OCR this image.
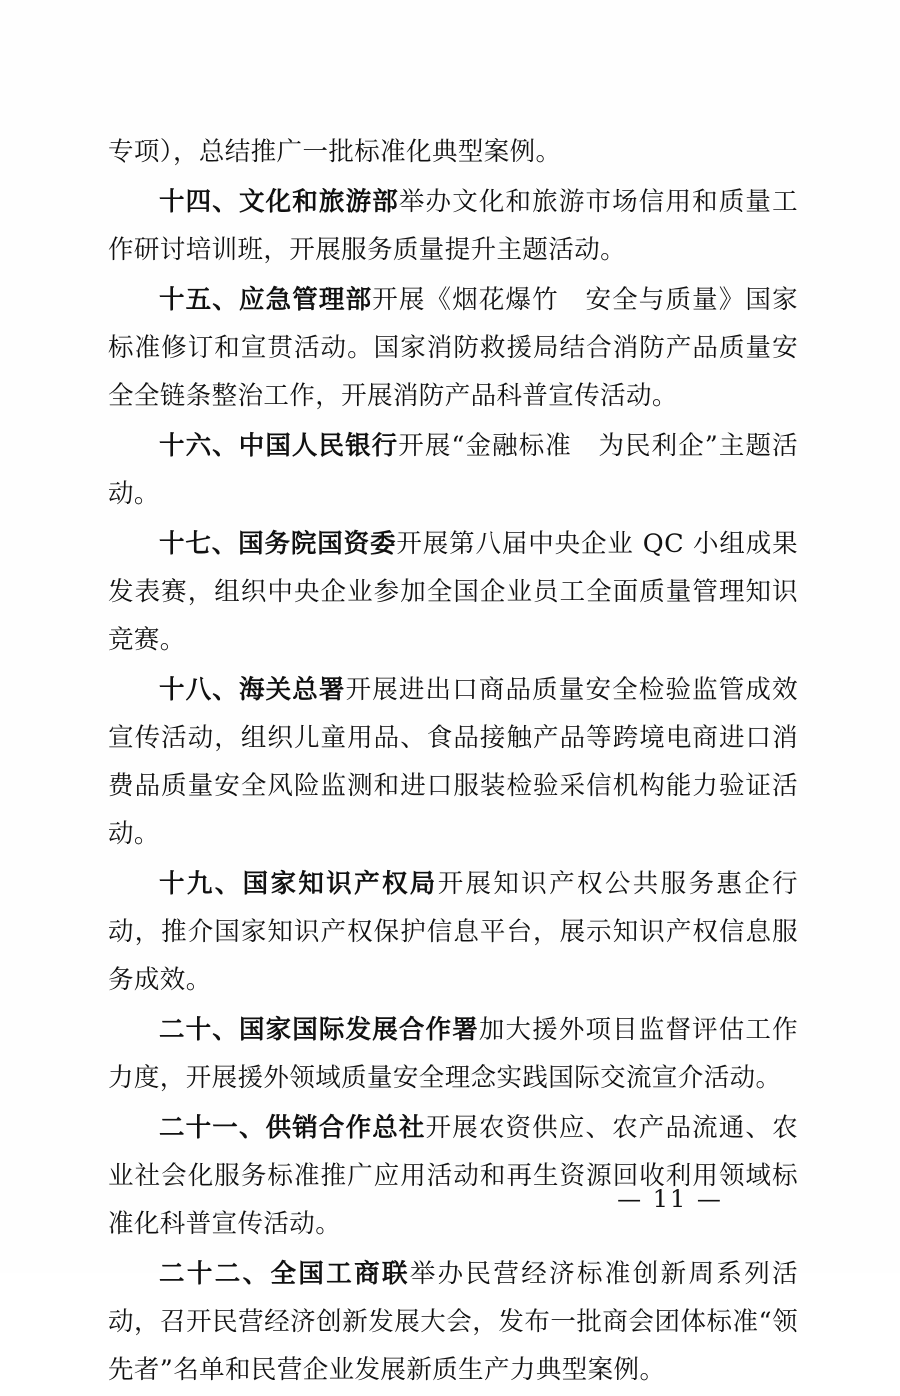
专项），总结推广一批标准化典型案例。

十四、文化和旅游部举办文化和旅游市场信用和质量工作研讨培训班，开展服务质量提升主题活动。

十五、应急管理部开展《烟花爆竹　安全与质量》国家标准修订和宣贯活动。国家消防救援局结合消防产品质量安全全链条整治工作，开展消防产品科普宣传活动。

十六、中国人民银行开展“金融标准　为民利企”主题活动。

十七、国务院国资委开展第八届中央企业 QC 小组成果发表赛，组织中央企业参加全国企业员工全面质量管理知识竞赛。

十八、海关总署开展进出口商品质量安全检验监管成效宣传活动，组织儿童用品、食品接触产品等跨境电商进口消费品质量安全风险监测和进口服装检验采信机构能力验证活动。

十九、国家知识产权局开展知识产权公共服务惠企行动，推介国家知识产权保护信息平台，展示知识产权信息服务成效。

二十、国家国际发展合作署加大援外项目监督评估工作力度，开展援外领域质量安全理念实践国际交流宣介活动。

二十一、供销合作总社开展农资供应、农产品流通、农业社会化服务标准推广应用活动和再生资源回收利用领域标准化科普宣传活动。

二十二、全国工商联举办民营经济标准创新周系列活动，召开民营经济创新发展大会，发布一批商会团体标准“领先者”名单和民营企业发展新质生产力典型案例。

— 11 —
